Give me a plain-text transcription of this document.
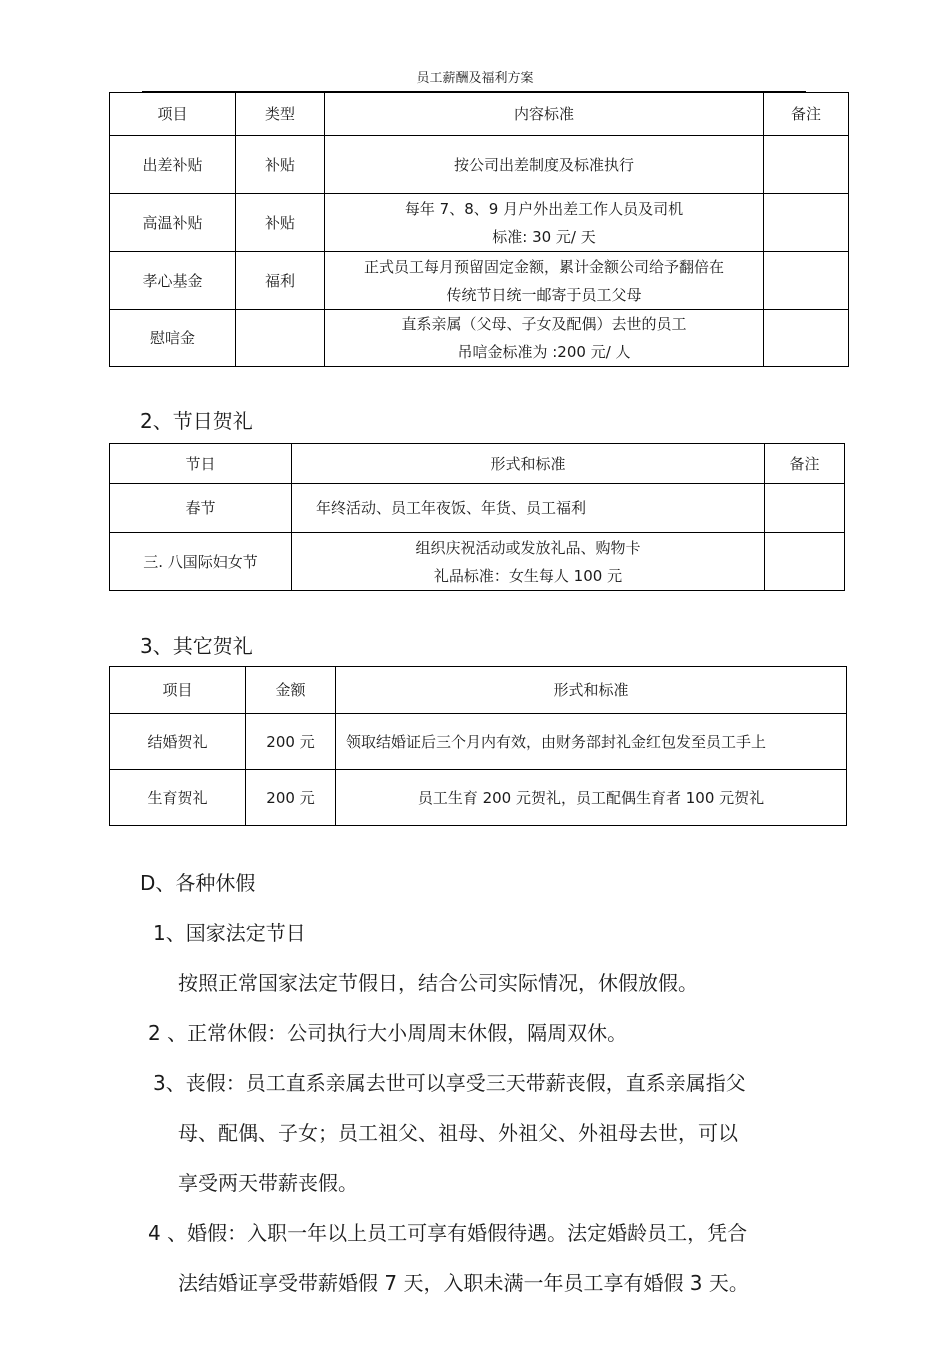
员工薪酬及福利方案
项目	类型	内容标准	备注
出差补贴	补贴	按公司出差制度及标准执行	

高温补贴	补贴	每年 7、8、9 月户外出差工作人员及司机
标准: 30 元/ 天	

孝心基金	福利	正式员工每月预留固定金额，累计金额公司给予翻倍在
传统节日统一邮寄于员工父母	

慰唁金		直系亲属（父母、子女及配偶）去世的员工
吊唁金标准为 :200 元/ 人	

2、节日贺礼
节日	形式和标准	备注
春节	年终活动、员工年夜饭、年货、员工福利	

三. 八国际妇女节	组织庆祝活动或发放礼品、购物卡
礼品标准：女生每人 100 元	

3、其它贺礼
项目	金额	形式和标准
结婚贺礼	200 元	领取结婚证后三个月内有效，由财务部封礼金红包发至员工手上
生育贺礼	200 元	员工生育 200 元贺礼，员工配偶生育者 100 元贺礼
D、各种休假
1、国家法定节日
按照正常国家法定节假日，结合公司实际情况，休假放假。
2 、正常休假：公司执行大小周周末休假，隔周双休。
3、丧假：员工直系亲属去世可以享受三天带薪丧假，直系亲属指父
母、配偶、子女；员工祖父、祖母、外祖父、外祖母去世，可以
享受两天带薪丧假。
4 、婚假：入职一年以上员工可享有婚假待遇。法定婚龄员工，凭合
法结婚证享受带薪婚假 7 天，入职未满一年员工享有婚假 3 天。
